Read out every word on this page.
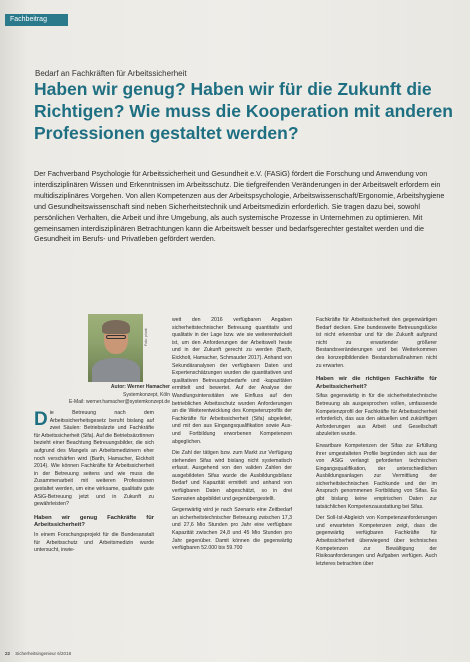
Fachbeitrag
Bedarf an Fachkräften für Arbeitssicherheit
Haben wir genug? Haben wir für die Zukunft die Richtigen? Wie muss die Kooperation mit anderen Professionen gestaltet werden?

Der Fachverband Psychologie für Arbeitssicherheit und Gesundheit e.V. (FASiG) fördert die Forschung und Anwendung von interdisziplinären Wissen und Erkenntnissen im Arbeitsschutz. Die tiefgreifenden Veränderungen in der Arbeitswelt erfordern ein multidisziplinäres Vorgehen. Von allen Kompetenzen aus der Arbeitspsychologie, Arbeitswissenschaft/Ergonomie, Arbeitshygiene und Gesundheitswissenschaft sind neben Sicherheitstechnik und Arbeitsmedizin erforderlich. Sie tragen dazu bei, sowohl persönlichen Verhalten, die Arbeit und ihre Umgebung, als auch systemische Prozesse in Unternehmen zu optimieren. Mit gemeinsamen interdisziplinären Betrachtungen kann die Arbeitswelt besser und bedarfsgerechter gestaltet werden und die Gesundheit im Berufs- und Privatleben gefördert werden.

Foto: privat
Autor: Werner Hamacher
Systemkonzept, Köln
E-Mail: werner.hamacher@systemkonzept.de

Die Betreuung nach dem Arbeitssicherheitsgesetz beruht bislang auf zwei Säulen: Betriebsärzte und Fachkräfte für Arbeitssicherheit (Sifa). Auf die Betriebsärztinnen bezieht einer Beachtung Betreuungsbilder, die sich aufgrund des Mangels an Arbeitsmedizinern eher noch verschärfen wird (Barth, Hamacher, Eickholt 2014). Wie können Fachkräfte für Arbeitssicherheit in der Betreuung seitens und wie muss die Zusammenarbeit mit weiteren Professionen gestaltet werden, um eine wirksame, qualitativ gute ASiG-Betreuung jetzt und in Zukunft zu gewährleisten?

Haben wir genug Fachkräfte für Arbeitssicherheit?

In einem Forschungsprojekt für die Bundesanstalt für Arbeitsschutz und Arbeitsmedizin wurde untersucht, inwie-

weit den 2016 verfügbaren Angaben sicherheitstechnischer Betreuung quantitativ und qualitativ in der Lage bzw. wie sie weiterentwickelt ist, um den Anforderungen der Arbeitswelt heute und in der Zukunft gerecht zu werden (Barth, Eickholt, Hamacher, Schmauder 2017). Anhand von Sekundäranalysen der verfügbaren Daten und Expertenschätzungen wurden die quantitativen und qualitativen Betreuungsbedarfe und -kapazitäten ermittelt und bewertet. Auf der Analyse der Wandlungsintensitäten wie Einfluss auf den betrieblichen Arbeitsschutz wurden Anforderungen an die Weiterentwicklung des Kompetenzprofils der Fachkräfte für Arbeitssicherheit (Sifa) abgeleitet, und mit den aus Eingangsqualifikation sowie Aus- und Fortbildung erworbenen Kompetenzen abgeglichen.

Die Zahl der tätigen bzw. zum Markt zur Verfügung stehenden Sifas wird bislang nicht systematisch erfasst. Ausgehend von den validen Zahlen der ausgebildeten Sifas wurde die Ausbildungsbilanz Bedarf und Kapazität ermittelt und anhand von verfügbaren Daten abgeschätzt, so in drei Szenarien abgebildet und gegenübergestellt.

Gegenwärtig wird je nach Szenario eine Zeitbedarf an sicherheitstechnischer Betreuung zwischen 17,3 und 27,6 Mio Stunden pro Jahr eine verfügbare Kapazität zwischen 24,8 und 45 Mio Stunden pro Jahr gegenüber. Damit können die gegenwärtig verfügbaren 52.000 bis 59.700

Fachkräfte für Arbeitssicherheit den gegenwärtigen Bedarf decken. Eine bundesweite Betreuungslücke ist nicht erkennbar und für die Zukunft aufgrund nicht zu erwartender größerer Bestandsveränderungen und bei Weiterkommen des konzeptbildenden Bestandsmaßnahmen nicht zu erwarten.

Haben wir die richtigen Fachkräfte für Arbeitssicherheit?

Sifas gegenwärtig in für die sicherheitstechnische Betreuung als ausgesprochen vollen, umfassende Kompetenzprofil der Fachkräfte für Arbeitssicherheit erforderlich, das aus den aktuellen und zukünftigen Anforderungen aus Arbeit und Gesellschaft abzuleiten wurde.

Erwartbare Kompetenzen der Sifas zur Erfüllung ihrer umgestalteten Profile begründen sich aus der von ASiG verlangt geforderten technischen Eingangsqualifikation, der unterschiedlichen Ausbildungsanlagen zur Vermittlung der sicherheitstechnischen Fachkunde und der im Anspruch genommenen Fortbildung von Sifas. Es gibt bislang keine empirischen Daten zur tatsächlichen Kompetenzausstattung bei Sifas.

Der Soll-Ist-Abgleich von Kompetenzanforderungen und erwarteten Kompetenzen zeigt, dass die gegenwärtig verfügbaren Fachkräfte für Arbeitssicherheit überwiegend über technisches Kompetenzen zur Bewältigung der Risikoanforderungen und Aufgaben verfügen. Auch letzteres betrachten über

22 Sicherheitsingenieur 6/2018
